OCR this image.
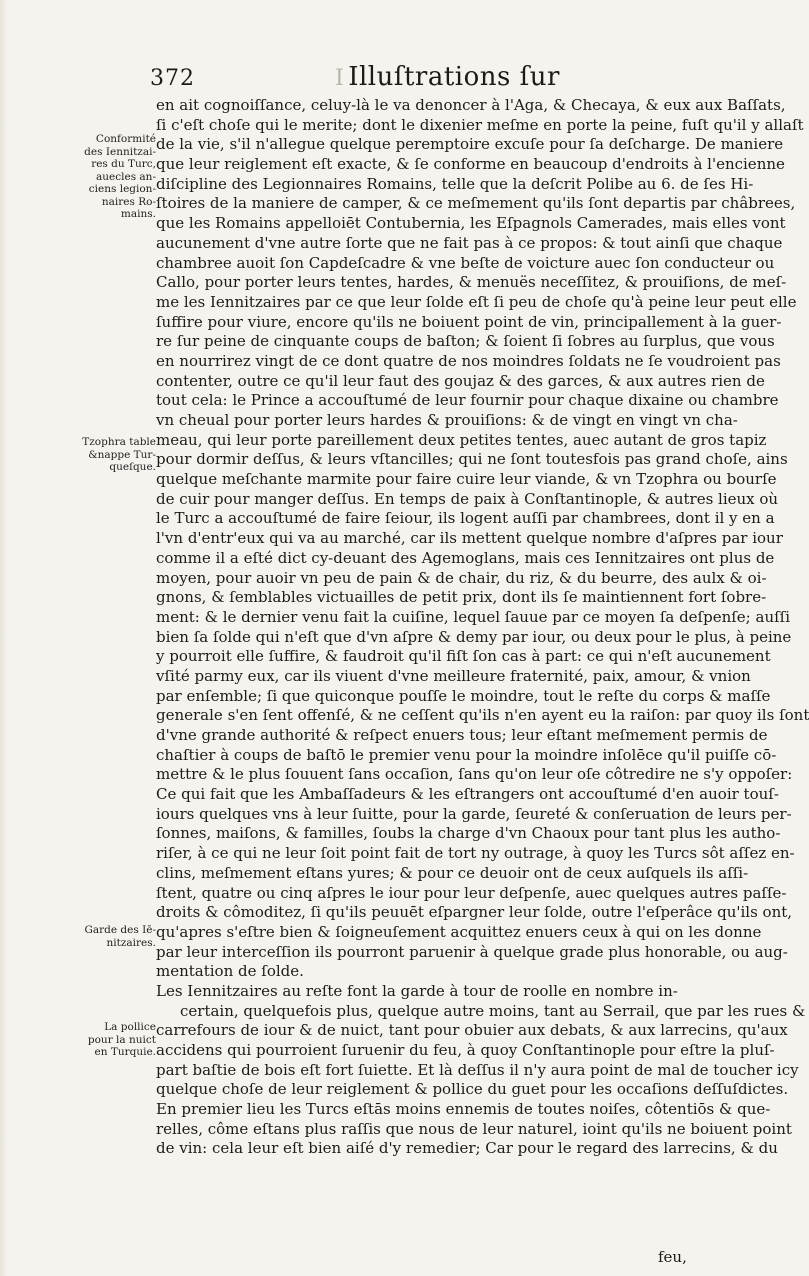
372	I Illuſtrations ſur
Conformité
des Iennitzai-
res du Turc,
auecles an-
ciens legion-
naires Ro-
mains.
Tzophra table
&nappe Tur-
queſque.
Garde des Iē-
nitzaires.
La pollice
pour la nuict
en Turquie.
en ait cognoiſſance, celuy-là le va denoncer à l'Aga, & Checaya, & eux aux Baſſats,
ſi c'eſt choſe qui le merite; dont le dixenier meſme en porte la peine, fuſt qu'il y allaſt
de la vie, s'il n'allegue quelque peremptoire excuſe pour ſa deſcharge. De maniere
que leur reiglement eſt exacte, & ſe conforme en beaucoup d'endroits à l'encienne
diſcipline des Legionnaires Romains, telle que la deſcrit Polibe au 6. de ſes Hi-
ſtoires de la maniere de camper, & ce meſmement qu'ils ſont departis par châbrees,
que les Romains appelloiēt Contubernia, les Eſpagnols Camerades, mais elles vont
aucunement d'vne autre ſorte que ne fait pas à ce propos: & tout ainſi que chaque
chambree auoit ſon Capdeſcadre & vne beſte de voicture auec ſon conducteur ou
Callo, pour porter leurs tentes, hardes, & menuës neceſſitez, & prouiſions, de meſ-
me les Iennitzaires par ce que leur ſolde eſt ſi peu de choſe qu'à peine leur peut elle
ſuffire pour viure, encore qu'ils ne boiuent point de vin, principallement à la guer-
re ſur peine de cinquante coups de baſton; & ſoient ſi ſobres au ſurplus, que vous
en nourrirez vingt de ce dont quatre de nos moindres ſoldats ne ſe voudroient pas
contenter, outre ce qu'il leur faut des goujaz & des garces, & aux autres rien de
tout cela: le Prince a accouſtumé de leur fournir pour chaque dixaine ou chambre
vn cheual pour porter leurs hardes & prouiſions: & de vingt en vingt vn cha-
meau, qui leur porte pareillement deux petites tentes, auec autant de gros tapiz
pour dormir deſſus, & leurs vſtancilles; qui ne ſont toutesfois pas grand choſe, ains
quelque meſchante marmite pour faire cuire leur viande, & vn Tzophra ou bourſe
de cuir pour manger deſſus. En temps de paix à Conſtantinople, & autres lieux où
le Turc a accouſtumé de faire ſeiour, ils logent auſſi par chambrees, dont il y en a
l'vn d'entr'eux qui va au marché, car ils mettent quelque nombre d'aſpres par iour
comme il a eſté dict cy-deuant des Agemoglans, mais ces Iennitzaires ont plus de
moyen, pour auoir vn peu de pain & de chair, du riz, & du beurre, des aulx & oi-
gnons, & ſemblables victuailles de petit prix, dont ils ſe maintiennent fort ſobre-
ment: & le dernier venu fait la cuiſine, lequel ſauue par ce moyen ſa deſpenſe; auſſi
bien ſa ſolde qui n'eſt que d'vn aſpre & demy par iour, ou deux pour le plus, à peine
y pourroit elle ſuffire, & faudroit qu'il fiſt ſon cas à part: ce qui n'eſt aucunement
vſité parmy eux, car ils viuent d'vne meilleure fraternité, paix, amour, & vnion
par enſemble; ſi que quiconque pouſſe le moindre, tout le reſte du corps & maſſe
generale s'en ſent offenſé, & ne ceſſent qu'ils n'en ayent eu la raiſon: par quoy ils ſont
d'vne grande authorité & reſpect enuers tous; leur eſtant meſmement permis de
chaſtier à coups de baſtō le premier venu pour la moindre inſolēce qu'il puiſſe cō-
mettre & le plus ſouuent ſans occaſion, ſans qu'on leur oſe côtredire ne s'y oppoſer:
Ce qui fait que les Ambaſſadeurs & les eſtrangers ont accouſtumé d'en auoir touſ-
iours quelques vns à leur ſuitte, pour la garde, ſeureté & conſeruation de leurs per-
ſonnes, maiſons, & familles, ſoubs la charge d'vn Chaoux pour tant plus les autho-
riſer, à ce qui ne leur ſoit point fait de tort ny outrage, à quoy les Turcs sôt aſſez en-
clins, meſmement eſtans yures; & pour ce deuoir ont de ceux auſquels ils aſſi-
ſtent, quatre ou cinq aſpres le iour pour leur deſpenſe, auec quelques autres paſſe-
droits & cômoditez, ſi qu'ils peuuēt eſpargner leur ſolde, outre l'eſperâce qu'ils ont,
qu'apres s'eſtre bien & ſoigneuſement acquittez enuers ceux à qui on les donne
par leur interceſſion ils pourront paruenir à quelque grade plus honorable, ou aug-
mentation de ſolde.
Les Iennitzaires au reſte font la garde à tour de roolle en nombre in-
certain, quelquefois plus, quelque autre moins, tant au Serrail, que par les rues &
carrefours de iour & de nuict, tant pour obuier aux debats, & aux larrecins, qu'aux
accidens qui pourroient ſuruenir du feu, à quoy Conſtantinople pour eſtre la pluſ-
part baſtie de bois eſt fort ſuiette. Et là deſſus il n'y aura point de mal de toucher icy
quelque choſe de leur reiglement & pollice du guet pour les occaſions deſſuſdictes.
En premier lieu les Turcs eſtās moins ennemis de toutes noiſes, côtentiōs & que-
relles, côme eſtans plus raſſis que nous de leur naturel, ioint qu'ils ne boiuent point
de vin: cela leur eſt bien aiſé d'y remedier; Car pour le regard des larrecins, & du
feu,
